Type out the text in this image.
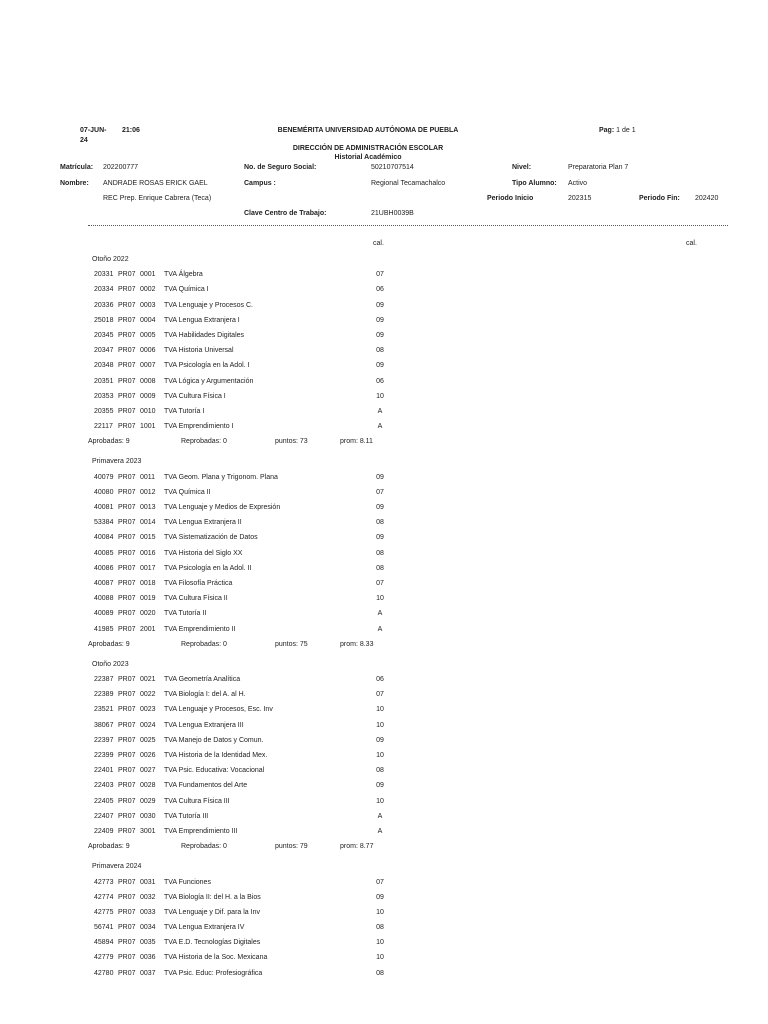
07-JUN-
24
21:06	BENEMÉRITA UNIVERSIDAD AUTÓNOMA DE PUEBLA	Pag: 1 de 1
DIRECCIÓN DE ADMINISTRACIÓN ESCOLAR
Historial Académico
Matrícula: 202200777	No. de Seguro Social:	50210707514	Nivel:	Preparatoria Plan 7
Nombre: ANDRADE ROSAS ERICK GAEL	Campus :	Regional Tecamachalco	Tipo Alumno: Activo
REC Prep. Enrique Cabrera (Teca)	Periodo Inicio	202315	Periodo Fin: 202420
Clave Centro de Trabajo:	21UBH0039B
cal.	cal.
Otoño 2022
20331 PR07 0001 TVA Álgebra	07
20334 PR07 0002 TVA Química I	06
20336 PR07 0003 TVA Lenguaje y Procesos C.	09
25018 PR07 0004 TVA Lengua Extranjera I	09
20345 PR07 0005 TVA Habilidades Digitales	09
20347 PR07 0006 TVA Historia Universal	08
20348 PR07 0007 TVA Psicología en la Adol. I	09
20351 PR07 0008 TVA Lógica y Argumentación	06
20353 PR07 0009 TVA Cultura Física I	10
20355 PR07 0010 TVA Tutoría I	A
22117 PR07 1001 TVA Emprendimiento I	A
Aprobadas: 9	Reprobadas: 0	puntos: 73	prom: 8.11
Primavera 2023
40079 PR07 0011 TVA Geom. Plana y Trigonom. Plana	09
40080 PR07 0012 TVA Química II	07
40081 PR07 0013 TVA Lenguaje y Medios de Expresión	09
53384 PR07 0014 TVA Lengua Extranjera II	08
40084 PR07 0015 TVA Sistematización de Datos	09
40085 PR07 0016 TVA Historia del Siglo XX	08
40086 PR07 0017 TVA Psicología en la Adol. II	08
40087 PR07 0018 TVA Filosofía Práctica	07
40088 PR07 0019 TVA Cultura Física II	10
40089 PR07 0020 TVA Tutoría II	A
41985 PR07 2001 TVA Emprendimiento II	A
Aprobadas: 9	Reprobadas: 0	puntos: 75	prom: 8.33
Otoño 2023
22387 PR07 0021 TVA Geometría Analítica	06
22389 PR07 0022 TVA Biología I: del A. al H.	07
23521 PR07 0023 TVA Lenguaje y Procesos, Esc. Inv	10
38067 PR07 0024 TVA Lengua Extranjera III	10
22397 PR07 0025 TVA Manejo de Datos y Comun.	09
22399 PR07 0026 TVA Historia de la Identidad Mex.	10
22401 PR07 0027 TVA Psic. Educativa: Vocacional	08
22403 PR07 0028 TVA Fundamentos del Arte	09
22405 PR07 0029 TVA Cultura Física III	10
22407 PR07 0030 TVA Tutoría III	A
22409 PR07 3001 TVA Emprendimiento III	A
Aprobadas: 9	Reprobadas: 0	puntos: 79	prom: 8.77
Primavera 2024
42773 PR07 0031 TVA Funciones	07
42774 PR07 0032 TVA Biología II: del H. a la Bios	09
42775 PR07 0033 TVA Lenguaje y Dif. para la Inv	10
56741 PR07 0034 TVA Lengua Extranjera IV	08
45894 PR07 0035 TVA E.D. Tecnologías Digitales	10
42779 PR07 0036 TVA Historia de la Soc. Mexicana	10
42780 PR07 0037 TVA Psic. Educ: Profesiográfica	08
